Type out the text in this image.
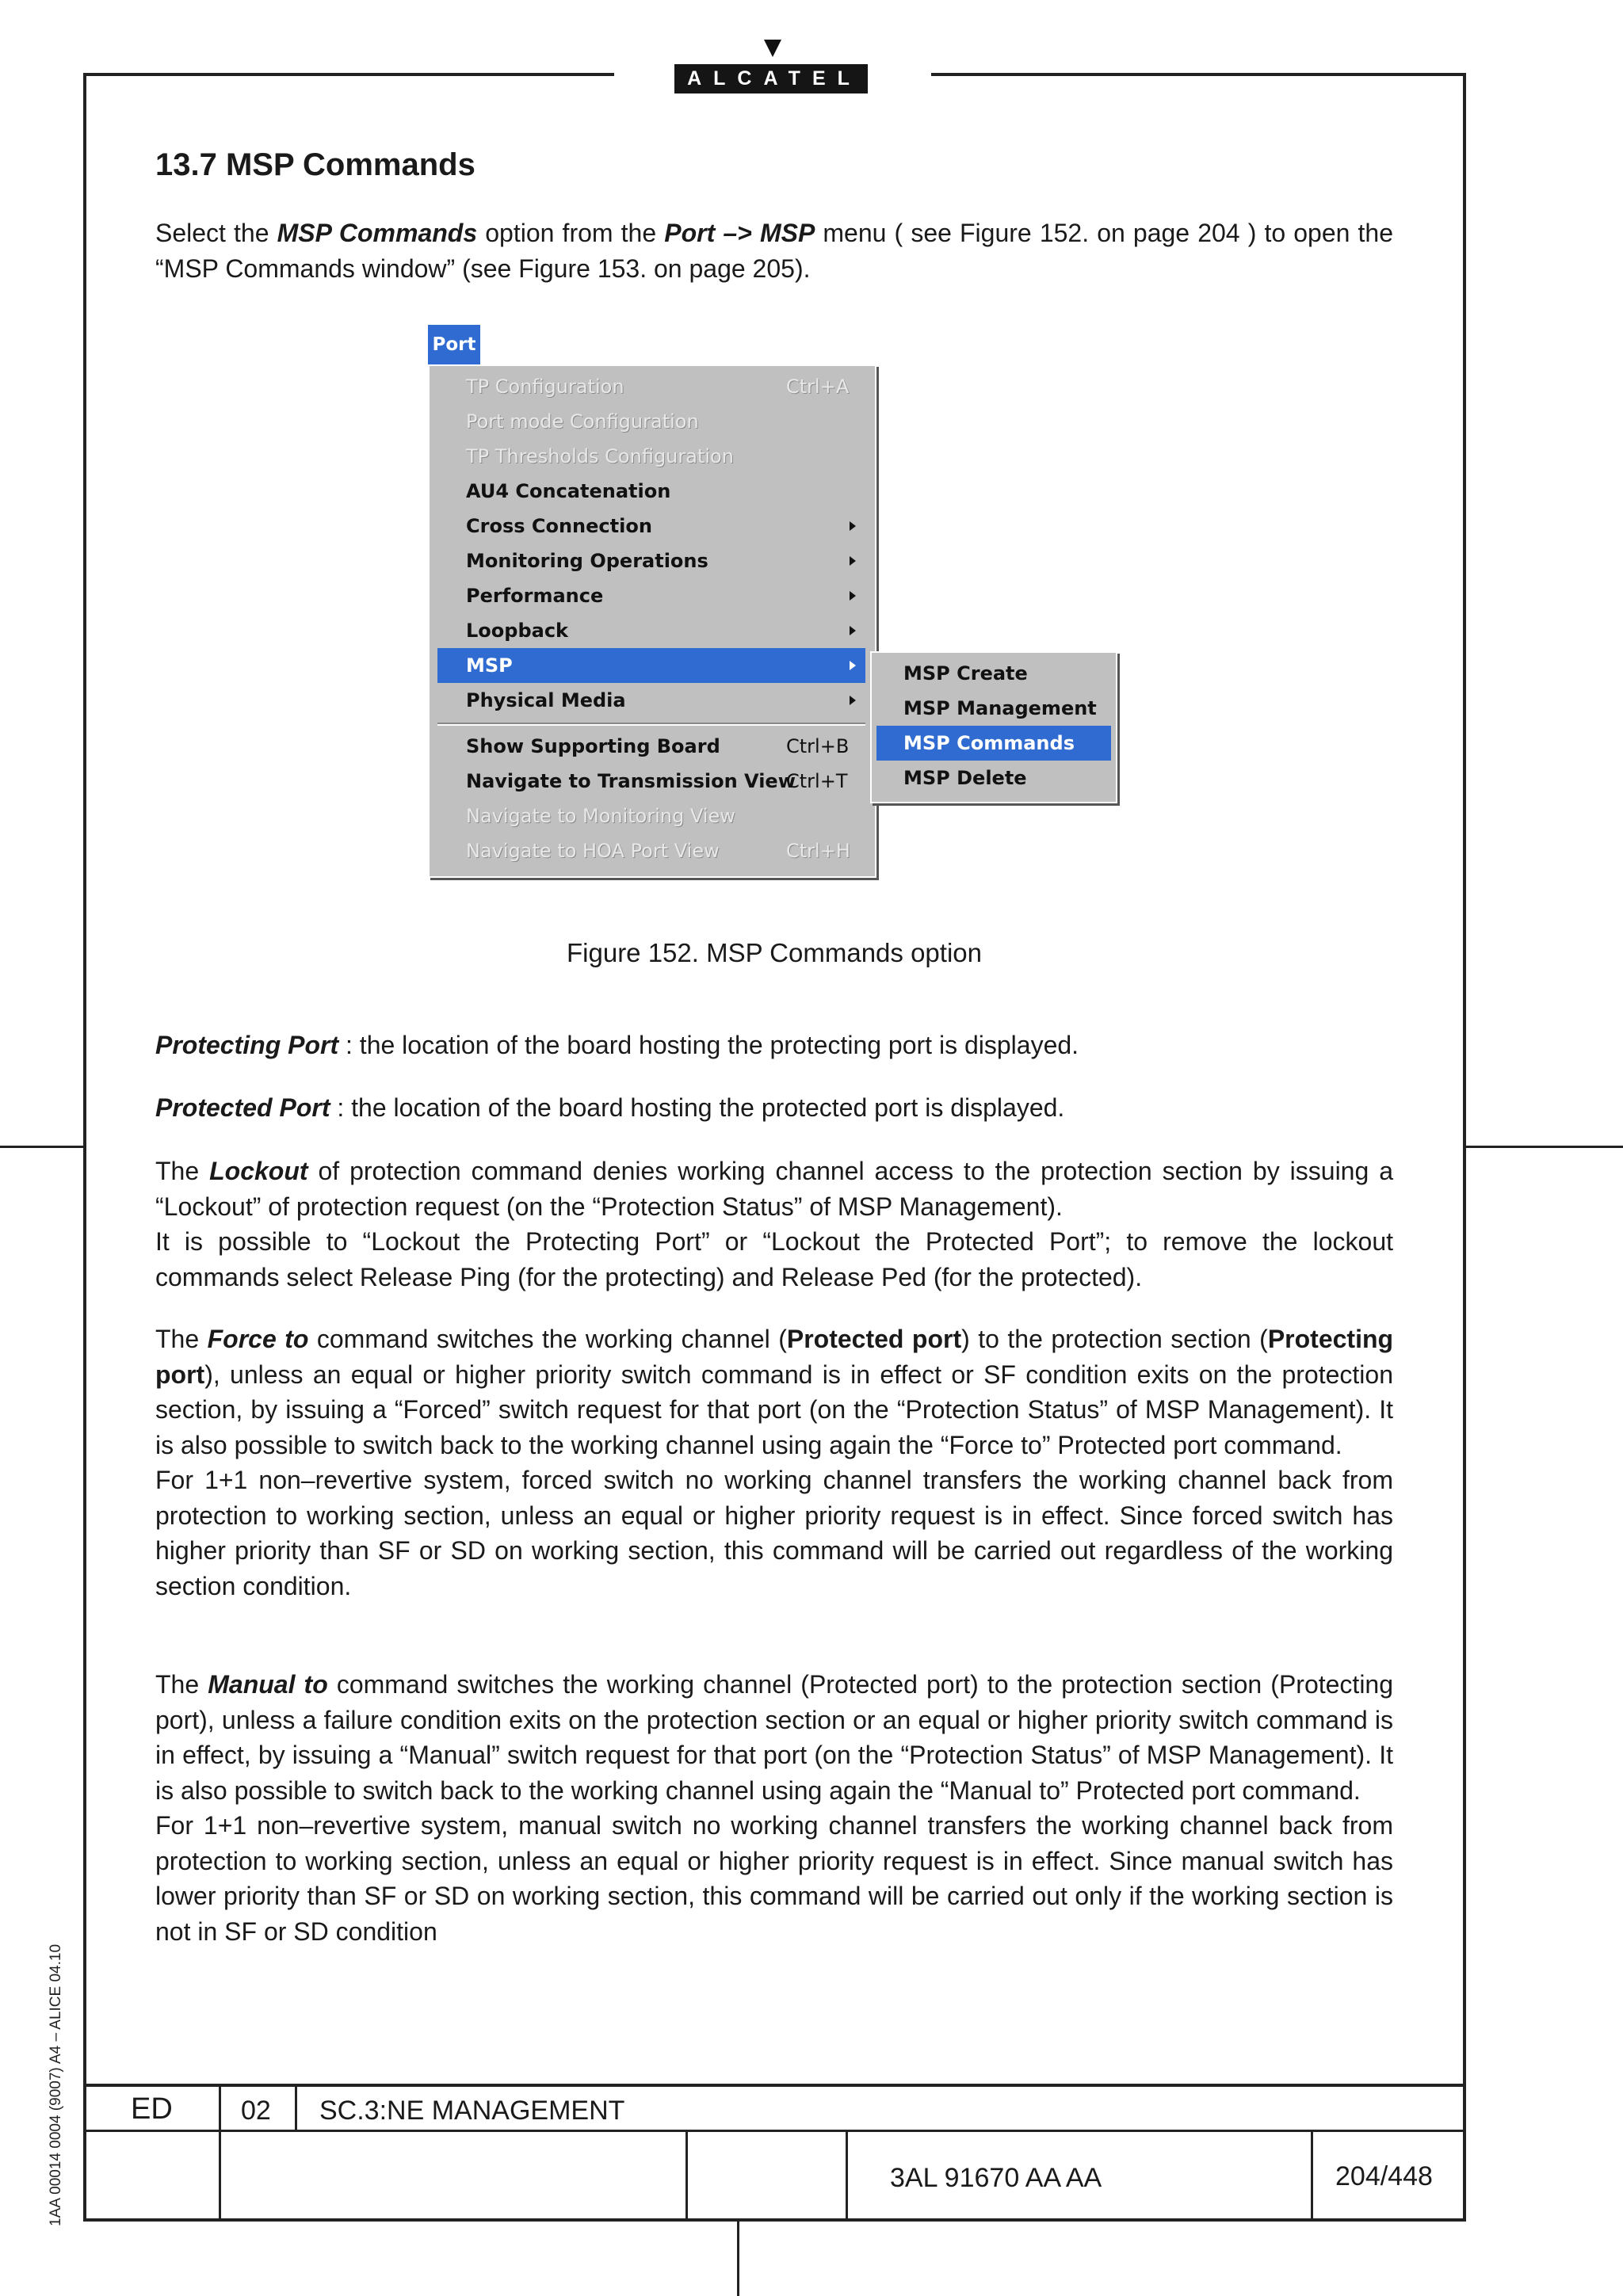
ALCATEL
13.7 MSP Commands
Select the MSP Commands option from the Port –> MSP menu ( see Figure 152. on page 204 ) to open the “MSP Commands window” (see Figure 153. on page 205).
Port
TP Configuration	Ctrl+A
Port mode Configuration
TP Thresholds Configuration
AU4 Concatenation
Cross Connection
Monitoring Operations
Performance
Loopback
MSP
Physical Media
Show Supporting Board	Ctrl+B
Navigate to Transmission View
Ctrl+T
Navigate to Monitoring View
Navigate to HOA Port View	Ctrl+H
MSP Create
MSP Management
MSP Commands
MSP Delete
Figure 152. MSP Commands option
Protecting Port : the location of the board hosting the protecting port is displayed.
Protected Port : the location of the board hosting the protected port is displayed.
The Lockout of protection command denies working channel access to the protection section by issuing a “Lockout” of protection request (on the “Protection Status” of MSP Management).
It is possible to “Lockout the Protecting Port” or “Lockout the Protected Port”; to remove the lockout commands select Release Ping (for the protecting) and Release Ped (for the protected).
The Force to command switches the working channel (Protected port) to the protection section (Protecting port), unless an equal or higher priority switch command is in effect or SF condition exits on the protection section, by issuing a “Forced” switch request for that port (on the “Protection Status” of MSP Management). It is also possible to switch back to the working channel using again the “Force to” Protected port command.
For 1+1 non–revertive system, forced switch no working channel transfers the working channel back from protection to working section, unless an equal or higher priority request is in effect. Since forced switch has higher priority than SF or SD on working section, this command will be carried out regardless of the working section condition.
The Manual to command switches the working channel (Protected port) to the protection section (Protecting port), unless a failure condition exits on the protection section or an equal or higher priority switch command is in effect, by issuing a “Manual” switch request for that port (on the “Protection Status” of MSP Management). It is also possible to switch back to the working channel using again the “Manual to” Protected port command.
For 1+1 non–revertive system, manual switch no working channel transfers the working channel back from protection to working section, unless an equal or higher priority request is in effect. Since manual switch has lower priority than SF or SD on working section, this command will be carried out only if the working section is not in SF or SD condition
ED	02 SC.3:NE MANAGEMENT
3AL 91670 AA AA	204/448
1AA 00014 0004 (9007) A4 – ALICE 04.10
